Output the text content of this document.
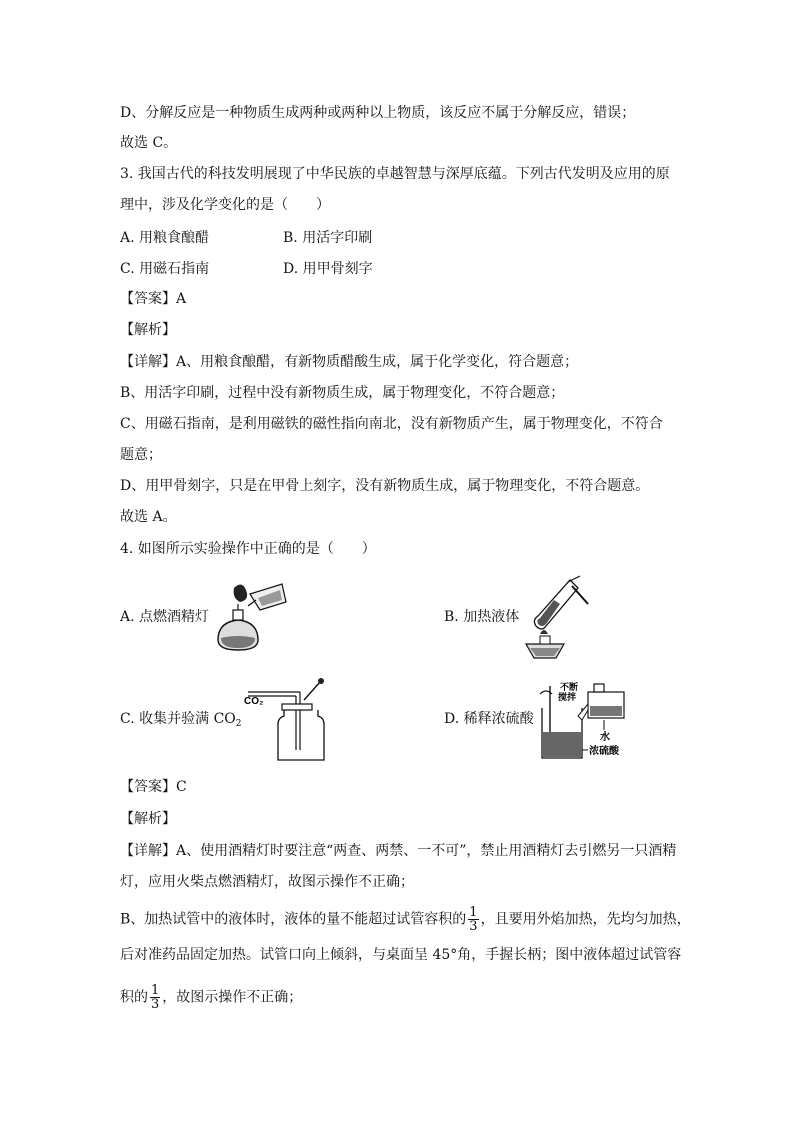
D、分解反应是一种物质生成两种或两种以上物质，该反应不属于分解反应，错误；
故选 C。
3. 我国古代的科技发明展现了中华民族的卓越智慧与深厚底蕴。下列古代发明及应用的原
理中，涉及化学变化的是（　　）
A. 用粮食酿醋	B. 用活字印刷
C. 用磁石指南	D. 用甲骨刻字
【答案】A
【解析】
【详解】A、用粮食酿醋，有新物质醋酸生成，属于化学变化，符合题意；
B、用活字印刷，过程中没有新物质生成，属于物理变化，不符合题意；
C、用磁石指南，是利用磁铁的磁性指向南北，没有新物质产生，属于物理变化，不符合
题意；
D、用甲骨刻字，只是在甲骨上刻字，没有新物质生成，属于物理变化，不符合题意。
故选 A。
4. 如图所示实验操作中正确的是（　　）
A. 点燃酒精灯	B. 加热液体
C. 收集并验满 $CO_2$	D. 稀释浓硫酸
CO₂
不断
搅拌
水
浓硫酸
【答案】C
【解析】
【详解】A、使用酒精灯时要注意“两查、两禁、一不可”，禁止用酒精灯去引燃另一只酒精
灯，应用火柴点燃酒精灯，故图示操作不正确；
B、加热试管中的液体时，液体的量不能超过试管容积的 $\frac{1}{3}$ ，且要用外焰加热，先均匀加热，
后对准药品固定加热。试管口向上倾斜，与桌面呈 45°角，手握长柄；图中液体超过试管容
积的 $\frac{1}{3}$ ，故图示操作不正确；
